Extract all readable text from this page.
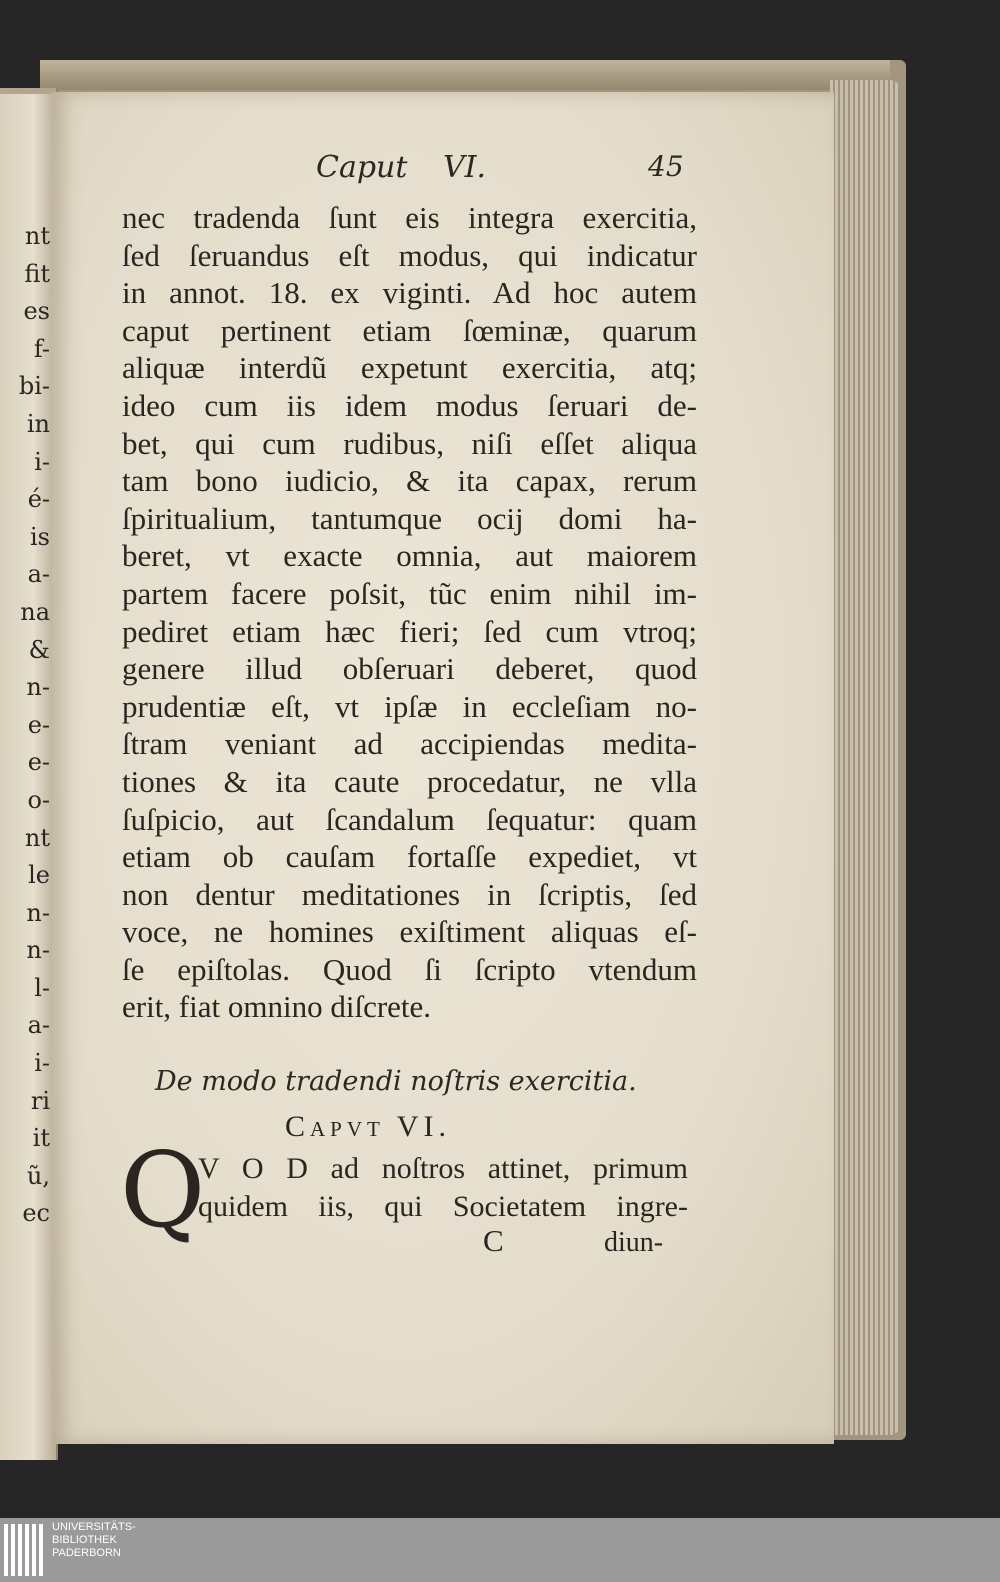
nt
fit
es
f-
bi-
in
i-
é-
is
a-
na
&
n-
e-
e-
o-
nt
le
n-
n-
l-
a-
i-
ri
it
ũ,
ec
Caput VI.	45
nec tradenda ſunt eis integra exercitia,
ſed ſeruandus eſt modus, qui indicatur
in annot. 18. ex viginti. Ad hoc autem
caput pertinent etiam ſœminæ, quarum
aliquæ interdũ expetunt exercitia, atq;
ideo cum iis idem modus ſeruari de-
bet, qui cum rudibus, niſi eſſet aliqua
tam bono iudicio, & ita capax, rerum
ſpiritualium, tantumque ocij domi ha-
beret, vt exacte omnia, aut maiorem
partem facere poſsit, tũc enim nihil im-
pediret etiam hæc fieri; ſed cum vtroq;
genere illud obſeruari deberet, quod
prudentiæ eſt, vt ipſæ in eccleſiam no-
ſtram veniant ad accipiendas medita-
tiones & ita caute procedatur, ne vlla
ſuſpicio, aut ſcandalum ſequatur: quam
etiam ob cauſam fortaſſe expediet, vt
non dentur meditationes in ſcriptis, ſed
voce, ne homines exiſtiment aliquas eſ-
ſe epiſtolas. Quod ſi ſcripto vtendum
erit, fiat omnino diſcrete.
De modo tradendi noſtris exercitia.
Capvt VI.
Q
V O D ad noſtros attinet, primum
quidem iis, qui Societatem ingre-
C	diun-
UNIVERSITÄTS-
BIBLIOTHEK
PADERBORN
